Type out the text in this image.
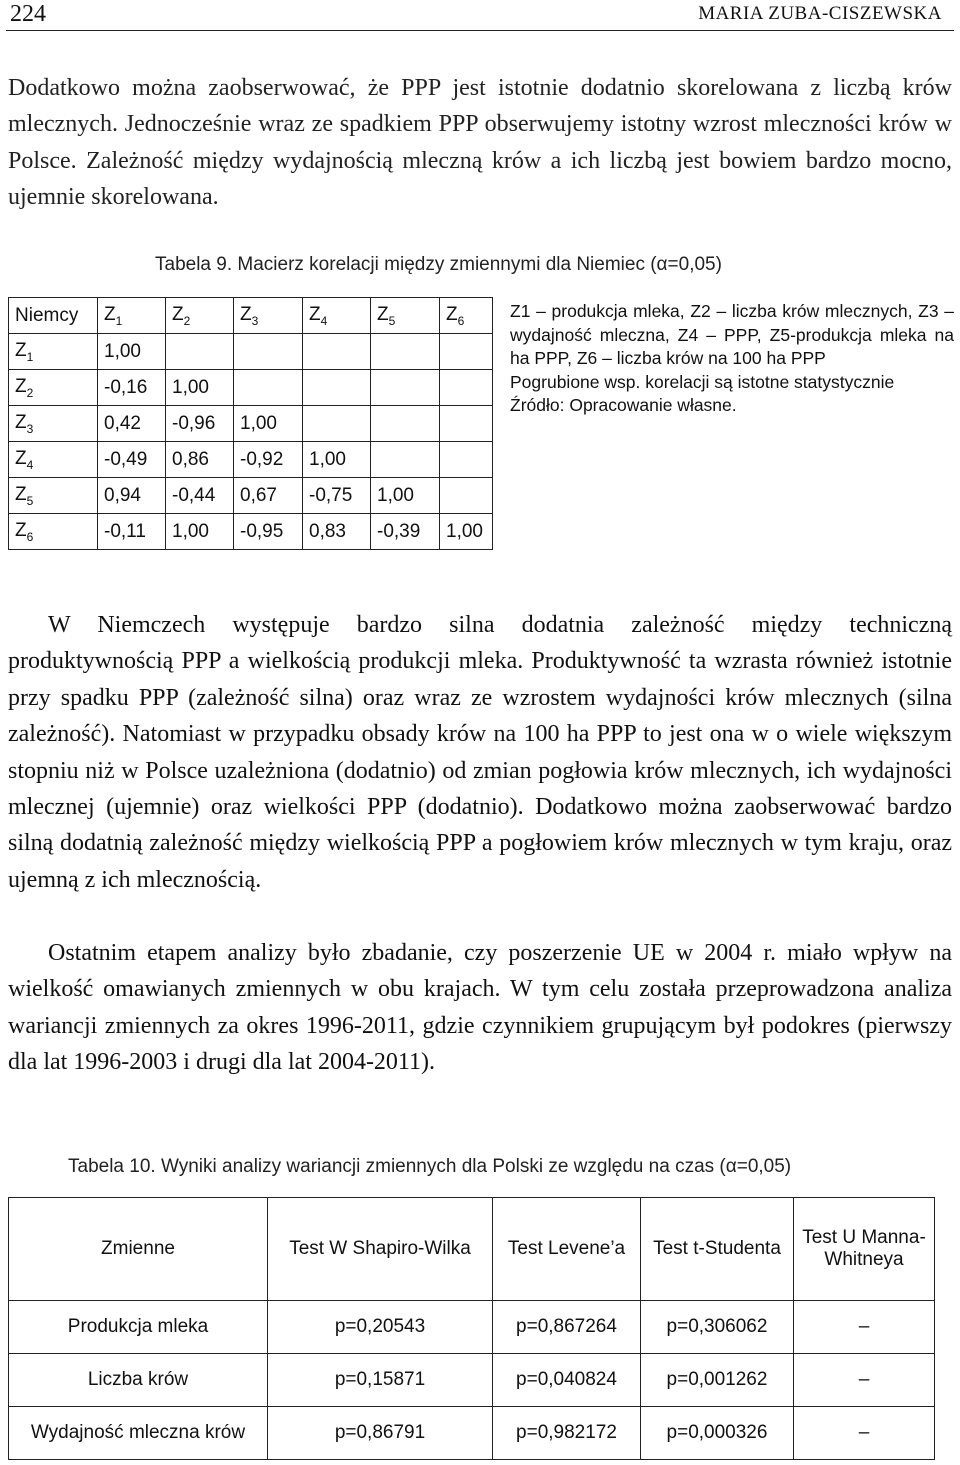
224	MARIA ZUBA-CISZEWSKA

Dodatkowo można zaobserwować, że PPP jest istotnie dodatnio skorelowana z liczbą krów mlecznych. Jednocześnie wraz ze spadkiem PPP obserwujemy istotny wzrost mleczności krów w Polsce. Zależność między wydajnością mleczną krów a ich liczbą jest bowiem bardzo mocno, ujemnie skorelowana.

Tabela 9. Macierz korelacji między zmiennymi dla Niemiec (α=0,05)
Niemcy	$Z_1$	$Z_2$	$Z_3$	$Z_4$	$Z_5$	$Z_6$
$Z_1$	1,00					
$Z_2$	-0,16	1,00				
$Z_3$	0,42	-0,96	1,00			
$Z_4$	-0,49	0,86	-0,92	1,00		
$Z_5$	0,94	-0,44	0,67	-0,75	1,00	
$Z_6$	-0,11	1,00	-0,95	0,83	-0,39	1,00
Z1 – produkcja mleka, Z2 – liczba krów mlecznych, Z3 – wydajność mleczna, Z4 – PPP, Z5-produkcja mleka na ha PPP, Z6 – liczba krów na 100 ha PPP
Pogrubione wsp. korelacji są istotne statystycznie
Źródło: Opracowanie własne.

W Niemczech występuje bardzo silna dodatnia zależność między techniczną produktywnością PPP a wielkością produkcji mleka. Produktywność ta wzrasta również istotnie przy spadku PPP (zależność silna) oraz wraz ze wzrostem wydajności krów mlecznych (silna zależność). Natomiast w przypadku obsady krów na 100 ha PPP to jest ona w o wiele większym stopniu niż w Polsce uzależniona (dodatnio) od zmian pogłowia krów mlecznych, ich wydajności mlecznej (ujemnie) oraz wielkości PPP (dodatnio). Dodatkowo można zaobserwować bardzo silną dodatnią zależność między wielkością PPP a pogłowiem krów mlecznych w tym kraju, oraz ujemną z ich mlecznością.

Ostatnim etapem analizy było zbadanie, czy poszerzenie UE w 2004 r. miało wpływ na wielkość omawianych zmiennych w obu krajach. W tym celu została przeprowadzona analiza wariancji zmiennych za okres 1996-2011, gdzie czynnikiem grupującym był podokres (pierwszy dla lat 1996-2003 i drugi dla lat 2004-2011).

Tabela 10. Wyniki analizy wariancji zmiennych dla Polski ze względu na czas (α=0,05)
Zmienne	Test W Shapiro-Wilka	Test Levene’a	Test t-Studenta	Test U Manna-Whitneya
Produkcja mleka	p=0,20543	p=0,867264	p=0,306062	–
Liczba krów	p=0,15871	p=0,040824	p=0,001262	–
Wydajność mleczna krów	p=0,86791	p=0,982172	p=0,000326	–
